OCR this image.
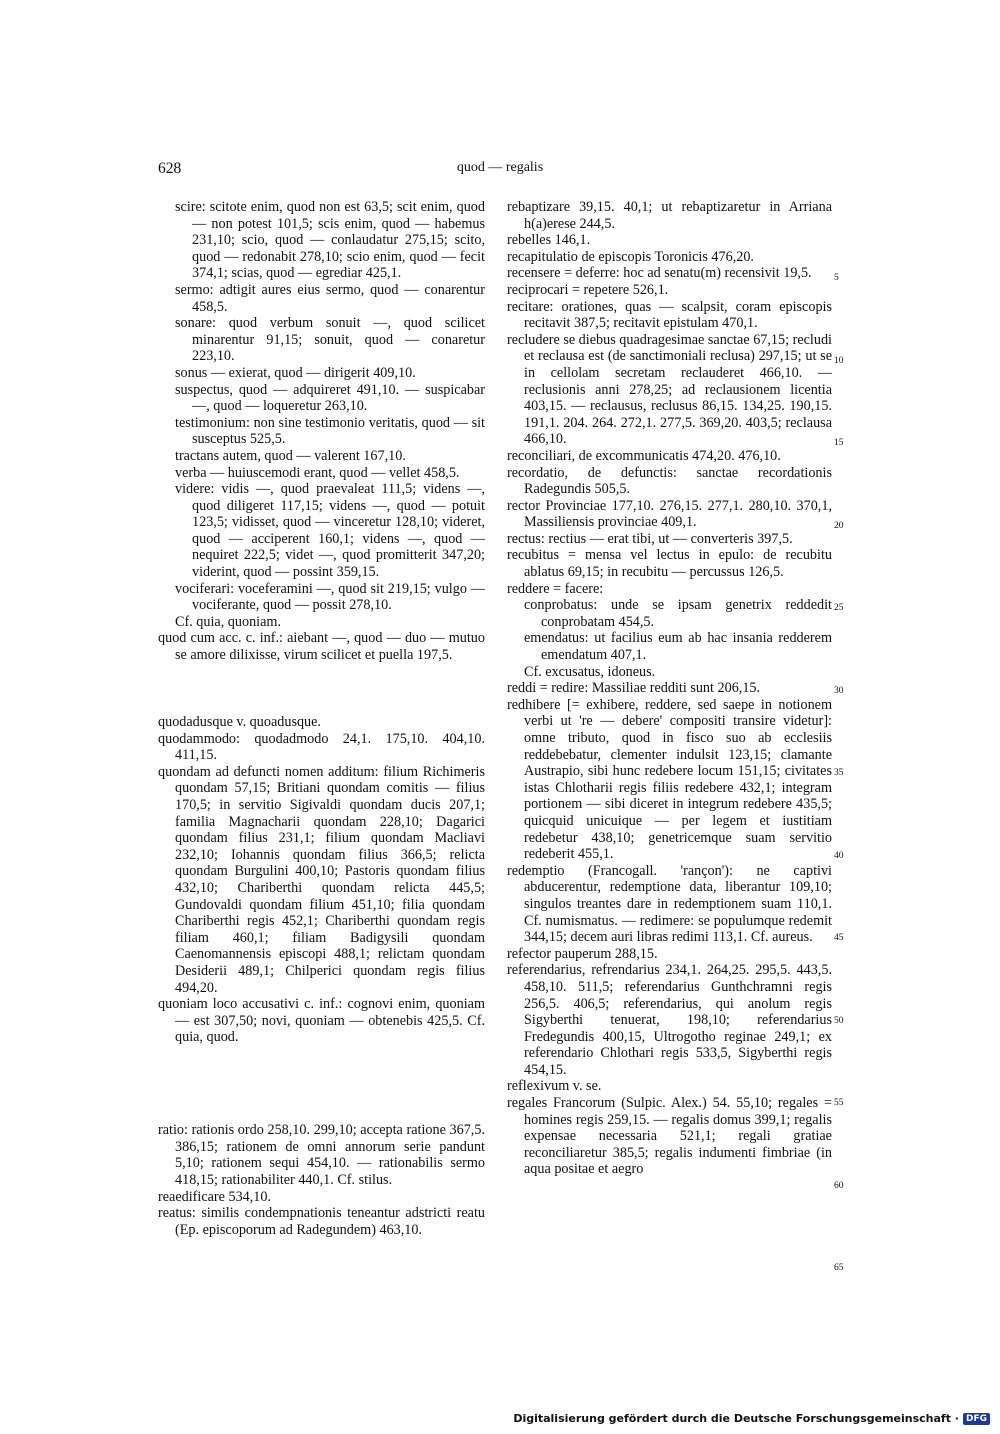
628	quod — regalis

scire: scitote enim, quod non est 63,5; scit enim, quod — non potest 101,5; scis enim, quod — habemus 231,10; scio, quod — conlaudatur 275,15; scito, quod — redonabit 278,10; scio enim, quod — fecit 374,1; scias, quod — egrediar 425,1.

sermo: adtigit aures eius sermo, quod — conarentur 458,5.

sonare: quod verbum sonuit —, quod scilicet minarentur 91,15; sonuit, quod — conaretur 223,10.

sonus — exierat, quod — dirigerit 409,10.

suspectus, quod — adquireret 491,10. — suspicabar —, quod — loqueretur 263,10.

testimonium: non sine testimonio veritatis, quod — sit susceptus 525,5.

tractans autem, quod — valerent 167,10.

verba — huiuscemodi erant, quod — vellet 458,5.

videre: vidis —, quod praevaleat 111,5; videns —, quod diligeret 117,15; videns —, quod — potuit 123,5; vidisset, quod — vinceretur 128,10; videret, quod — acciperent 160,1; videns —, quod — nequiret 222,5; videt —, quod promitterit 347,20; viderint, quod — possint 359,15.

vociferari: voceferamini —, quod sit 219,15; vulgo — vociferante, quod — possit 278,10.

Cf. quia, quoniam.

quod cum acc. c. inf.: aiebant —, quod — duo — mutuo se amore dilixisse, virum scilicet et puella 197,5.

quodadusque v. quoadusque.

quodammodo: quodadmodo 24,1. 175,10. 404,10. 411,15.

quondam ad defuncti nomen additum: filium Richimeris quondam 57,15; Britiani quondam comitis — filius 170,5; in servitio Sigivaldi quondam ducis 207,1; familia Magnacharii quondam 228,10; Dagarici quondam filius 231,1; filium quondam Macliavi 232,10; Iohannis quondam filius 366,5; relicta quondam Burgulini 400,10; Pastoris quondam filius 432,10; Chariberthi quondam relicta 445,5; Gundovaldi quondam filium 451,10; filia quondam Chariberthi regis 452,1; Chariberthi quondam regis filiam 460,1; filiam Badigysili quondam Caenomannensis episcopi 488,1; relictam quondam Desiderii 489,1; Chilperici quondam regis filius 494,20.

quoniam loco accusativi c. inf.: cognovi enim, quoniam — est 307,50; novi, quoniam — obtenebis 425,5. Cf. quia, quod.

ratio: rationis ordo 258,10. 299,10; accepta ratione 367,5. 386,15; rationem de omni annorum serie pandunt 5,10; rationem sequi 454,10. — rationabilis sermo 418,15; rationabiliter 440,1. Cf. stilus.

reaedificare 534,10.

reatus: similis condempnationis teneantur adstricti reatu (Ep. episcoporum ad Radegundem) 463,10.

rebaptizare 39,15. 40,1; ut rebaptizaretur in Arriana h(a)erese 244,5.

rebelles 146,1.

recapitulatio de episcopis Toronicis 476,20.

recensere = deferre: hoc ad senatu(m) recensivit 19,5.

reciprocari = repetere 526,1.

recitare: orationes, quas — scalpsit, coram episcopis recitavit 387,5; recitavit epistulam 470,1.

recludere se diebus quadragesimae sanctae 67,15; recludi et reclausa est (de sanctimoniali reclusa) 297,15; ut se in cellolam secretam reclauderet 466,10. — reclusionis anni 278,25; ad reclausionem licentia 403,15. — reclausus, reclusus 86,15. 134,25. 190,15. 191,1. 204. 264. 272,1. 277,5. 369,20. 403,5; reclausa 466,10.

reconciliari, de excommunicatis 474,20. 476,10.

recordatio, de defunctis: sanctae recordationis Radegundis 505,5.

rector Provinciae 177,10. 276,15. 277,1. 280,10. 370,1, Massiliensis provinciae 409,1.

rectus: rectius — erat tibi, ut — converteris 397,5.

recubitus = mensa vel lectus in epulo: de recubitu ablatus 69,15; in recubitu — percussus 126,5.

reddere = facere:

conprobatus: unde se ipsam genetrix reddedit conprobatam 454,5.

emendatus: ut facilius eum ab hac insania redderem emendatum 407,1.

Cf. excusatus, idoneus.

reddi = redire: Massiliae redditi sunt 206,15.

redhibere [= exhibere, reddere, sed saepe in notionem verbi ut 're — debere' compositi transire videtur]: omne tributo, quod in fisco suo ab ecclesiis reddebebatur, clementer indulsit 123,15; clamante Austrapio, sibi hunc redebere locum 151,15; civitates istas Chlotharii regis filiis redebere 432,1; integram portionem — sibi diceret in integrum redebere 435,5; quicquid unicuique — per legem et iustitiam redebetur 438,10; genetricemque suam servitio redeberit 455,1.

redemptio (Francogall. 'rançon'): ne captivi abducerentur, redemptione data, liberantur 109,10; singulos treantes dare in redemptionem suam 110,1. Cf. numismatus. — redimere: se populumque redemit 344,15; decem auri libras redimi 113,1. Cf. aureus.

refector pauperum 288,15.

referendarius, refrendarius 234,1. 264,25. 295,5. 443,5. 458,10. 511,5; referendarius Gunthchramni regis 256,5. 406,5; referendarius, qui anolum regis Sigyberthi tenuerat, 198,10; referendarius Fredegundis 400,15, Ultrogotho reginae 249,1; ex referendario Chlothari regis 533,5, Sigyberthi regis 454,15.

reflexivum v. se.

regales Francorum (Sulpic. Alex.) 54. 55,10; regales = homines regis 259,15. — regalis domus 399,1; regalis expensae necessaria 521,1; regali gratiae reconciliaretur 385,5; regalis indumenti fimbriae (in aqua positae et aegro

5
10
15
20
25
30
35
40
45
50
55
60
65
Digitalisierung gefördert durch die Deutsche Forschungsgemeinschaft · DFG
